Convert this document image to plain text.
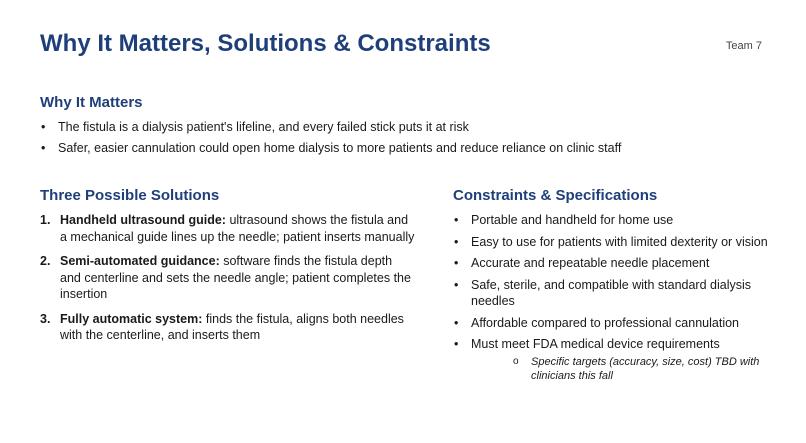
Why It Matters, Solutions & Constraints	Team 7
Why It Matters
• The fistula is a dialysis patient's lifeline, and every failed stick puts it at risk
• Safer, easier cannulation could open home dialysis to more patients and reduce reliance on clinic staff
Three Possible Solutions
1. Handheld ultrasound guide: ultrasound shows the fistula and a mechanical guide lines up the needle; patient inserts manually
2. Semi-automated guidance: software finds the fistula depth and centerline and sets the needle angle; patient completes the insertion
3. Fully automatic system: finds the fistula, aligns both needles with the centerline, and inserts them
Constraints & Specifications
• Portable and handheld for home use
• Easy to use for patients with limited dexterity or vision
• Accurate and repeatable needle placement
• Safe, sterile, and compatible with standard dialysis needles
• Affordable compared to professional cannulation
• Must meet FDA medical device requirements
o Specific targets (accuracy, size, cost) TBD with clinicians this fall
